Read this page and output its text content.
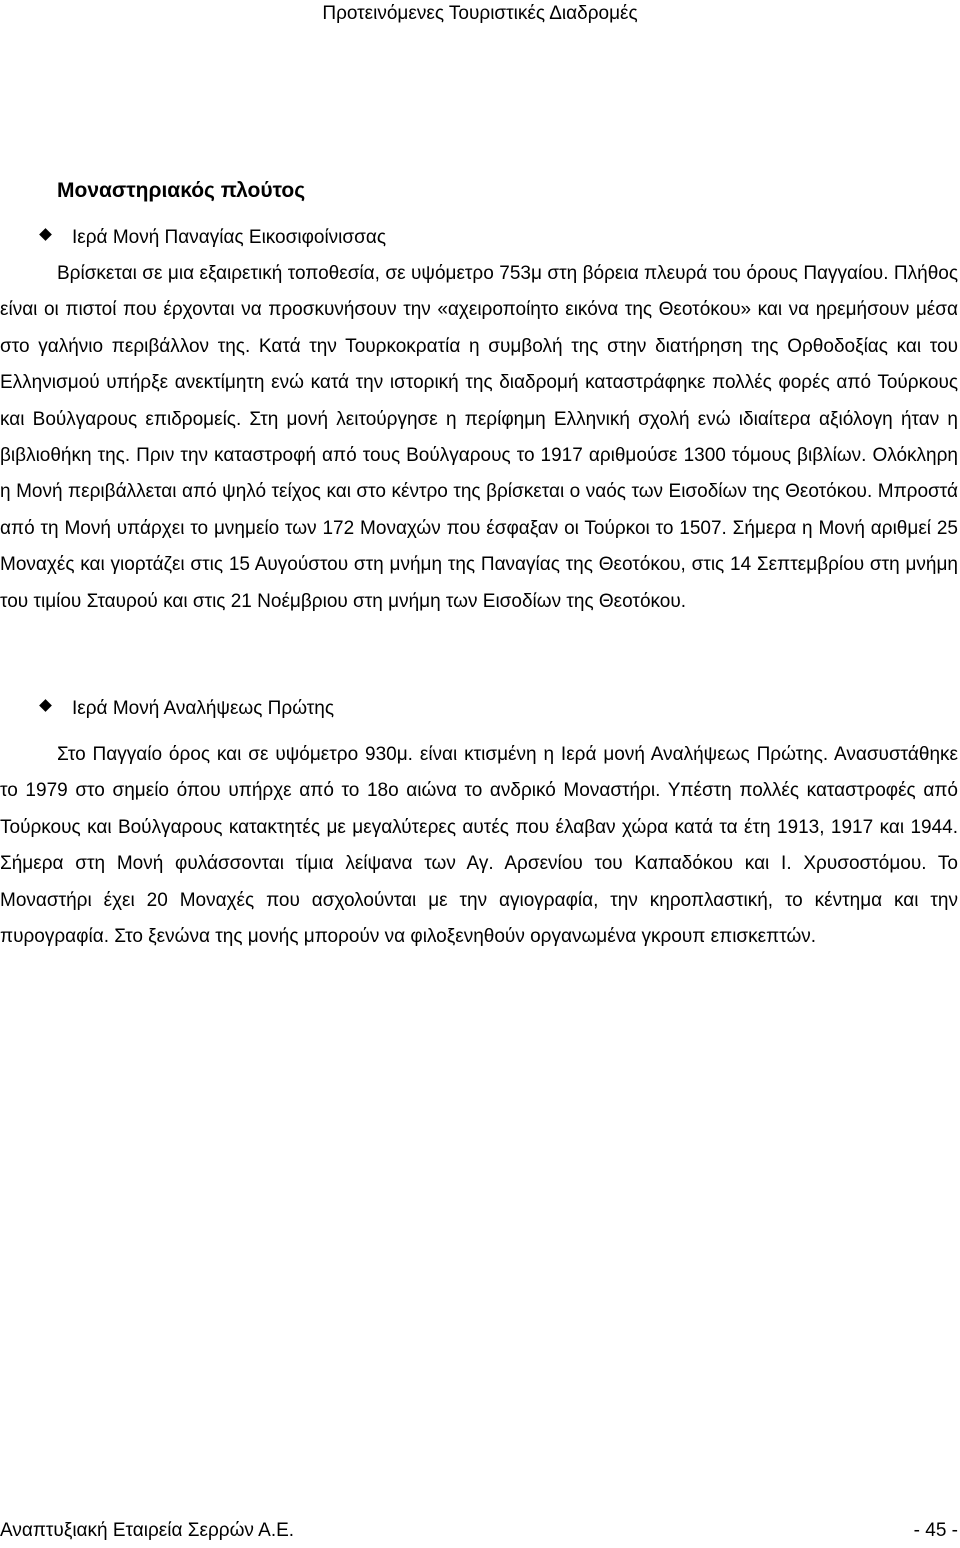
Προτεινόμενες Τουριστικές Διαδρομές
Μοναστηριακός πλούτος
Ιερά Μονή Παναγίας Εικοσιφοίνισσας

Βρίσκεται σε μια εξαιρετική τοποθεσία, σε υψόμετρο 753μ στη βόρεια πλευρά του όρους Παγγαίου. Πλήθος είναι οι πιστοί που έρχονται να προσκυνήσουν την «αχειροποίητο εικόνα της Θεοτόκου» και να ηρεμήσουν μέσα στο γαλήνιο περιβάλλον της. Κατά την Τουρκοκρατία η συμβολή της στην διατήρηση της Ορθοδοξίας και του Ελληνισμού υπήρξε ανεκτίμητη ενώ κατά την ιστορική της διαδρομή καταστράφηκε πολλές φορές από Τούρκους και Βούλγαρους επιδρομείς. Στη μονή λειτούργησε η περίφημη Ελληνική σχολή ενώ ιδιαίτερα αξιόλογη ήταν η βιβλιοθήκη της. Πριν την καταστροφή από τους Βούλγαρους το 1917 αριθμούσε 1300 τόμους βιβλίων. Ολόκληρη η Μονή περιβάλλεται από ψηλό τείχος και στο κέντρο της βρίσκεται ο ναός των Εισοδίων της Θεοτόκου. Μπροστά από τη Μονή υπάρχει το μνημείο των 172 Μοναχών που έσφαξαν οι Τούρκοι το 1507. Σήμερα η Μονή αριθμεί 25 Μοναχές και γιορτάζει στις 15 Αυγούστου στη μνήμη της Παναγίας της Θεοτόκου, στις 14 Σεπτεμβρίου στη μνήμη του τιμίου Σταυρού και στις 21 Νοέμβριου στη μνήμη των Εισοδίων της Θεοτόκου.

Ιερά Μονή Αναλήψεως Πρώτης

Στο Παγγαίο όρος και σε υψόμετρο 930μ. είναι κτισμένη η Ιερά μονή Αναλήψεως Πρώτης. Ανασυστάθηκε το 1979 στο σημείο όπου υπήρχε από το 18ο αιώνα το ανδρικό Μοναστήρι. Υπέστη πολλές καταστροφές από Τούρκους και Βούλγαρους κατακτητές με μεγαλύτερες αυτές που έλαβαν χώρα κατά τα έτη 1913, 1917 και 1944. Σήμερα στη Μονή φυλάσσονται τίμια λείψανα των Αγ. Αρσενίου του Καπαδόκου και Ι. Χρυσοστόμου. Το Μοναστήρι έχει 20 Μοναχές που ασχολούνται με την αγιογραφία, την κηροπλαστική, το κέντημα και την πυρογραφία. Στο ξενώνα της μονής μπορούν να φιλοξενηθούν οργανωμένα γκρουπ επισκεπτών.

Αναπτυξιακή Εταιρεία Σερρών Α.Ε.	- 45 -
